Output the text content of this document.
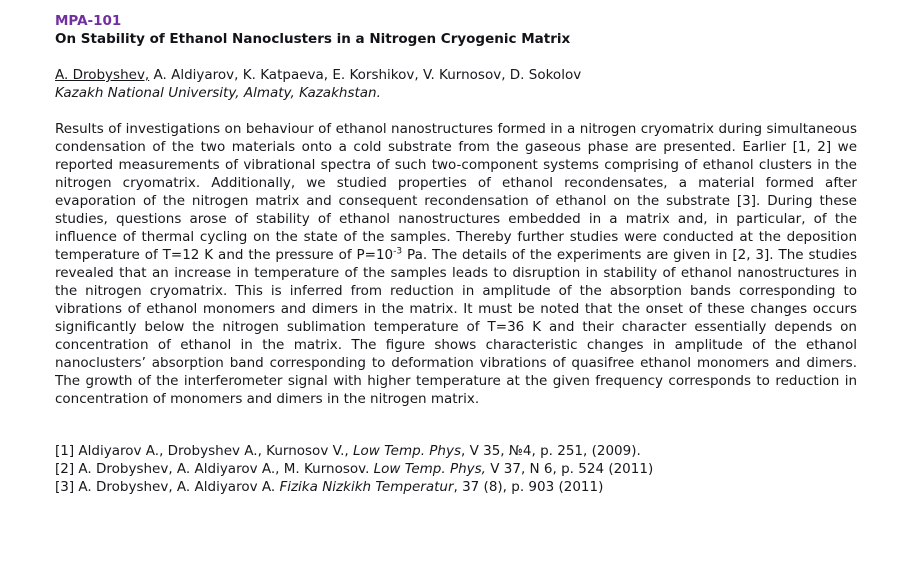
MPA-101
On Stability of Ethanol Nanoclusters in a Nitrogen Cryogenic Matrix
A. Drobyshev, A. Aldiyarov, K. Katpaeva, E. Korshikov, V. Kurnosov, D. Sokolov
Kazakh National University, Almaty, Kazakhstan.

Results of investigations on behaviour of ethanol nanostructures formed in a nitrogen cryomatrix during simultaneous condensation of the two materials onto a cold substrate from the gaseous phase are presented. Earlier [1, 2] we reported measurements of vibrational spectra of such two-component systems comprising of ethanol clusters in the nitrogen cryomatrix. Additionally, we studied properties of ethanol recondensates, a material formed after evaporation of the nitrogen matrix and consequent recondensation of ethanol on the substrate [3]. During these studies, questions arose of stability of ethanol nanostructures embedded in a matrix and, in particular, of the influence of thermal cycling on the state of the samples. Thereby further studies were conducted at the deposition temperature of T=12 K and the pressure of $P=10^{-3}$ Pa. The details of the experiments are given in [2, 3]. The studies revealed that an increase in temperature of the samples leads to disruption in stability of ethanol nanostructures in the nitrogen cryomatrix. This is inferred from reduction in amplitude of the absorption bands corresponding to vibrations of ethanol monomers and dimers in the matrix. It must be noted that the onset of these changes occurs significantly below the nitrogen sublimation temperature of T=36 K and their character essentially depends on concentration of ethanol in the matrix. The figure shows characteristic changes in amplitude of the ethanol nanoclusters’ absorption band corresponding to deformation vibrations of quasifree ethanol monomers and dimers. The growth of the interferometer signal with higher temperature at the given frequency corresponds to reduction in concentration of monomers and dimers in the nitrogen matrix.

[1] Aldiyarov A., Drobyshev A., Kurnosov V., Low Temp. Phys, V 35, №4, p. 251, (2009).

[2] A. Drobyshev, A. Aldiyarov A., M. Kurnosov. Low Temp. Phys, V 37, N 6, p. 524 (2011)

[3] A. Drobyshev, A. Aldiyarov A. Fizika Nizkikh Temperatur, 37 (8), p. 903 (2011)
